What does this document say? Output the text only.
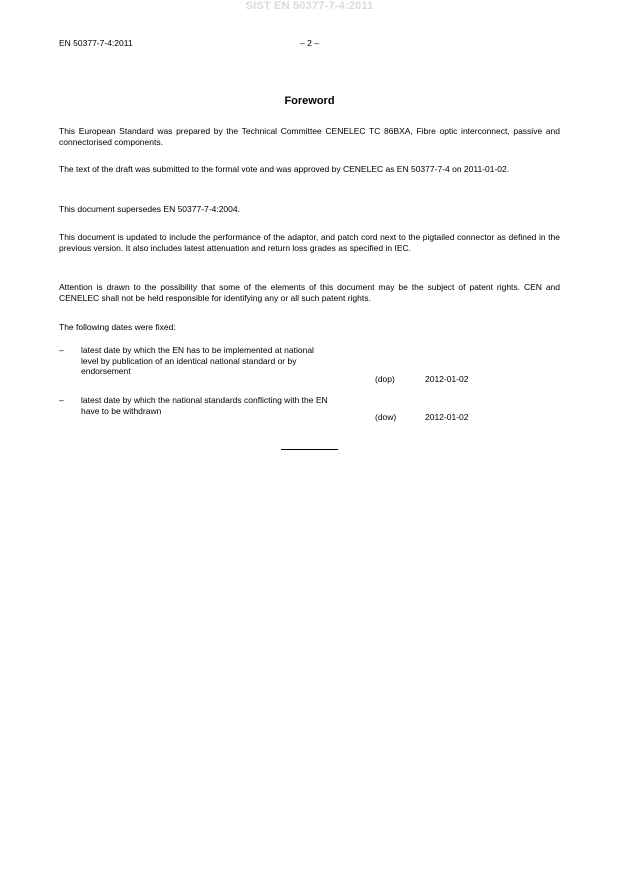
SIST EN 50377-7-4:2011
EN 50377-7-4:2011	– 2 –
Foreword
This European Standard was prepared by the Technical Committee CENELEC TC 86BXA, Fibre optic interconnect, passive and connectorised components.
The text of the draft was submitted to the formal vote and was approved by CENELEC as EN 50377-7-4 on 2011-01-02.
This document supersedes EN 50377-7-4:2004.
This document is updated to include the performance of the adaptor, and patch cord next to the pigtailed connector as defined in the previous version. It also includes latest attenuation and return loss grades as specified in IEC.
Attention is drawn to the possibility that some of the elements of this document may be the subject of patent rights. CEN and CENELEC shall not be held responsible for identifying any or all such patent rights.
The following dates were fixed:
– latest date by which the EN has to be implemented at national level by publication of an identical national standard or by endorsement
(dop)	2012-01-02
– latest date by which the national standards conflicting with the EN have to be withdrawn
(dow)	2012-01-02
